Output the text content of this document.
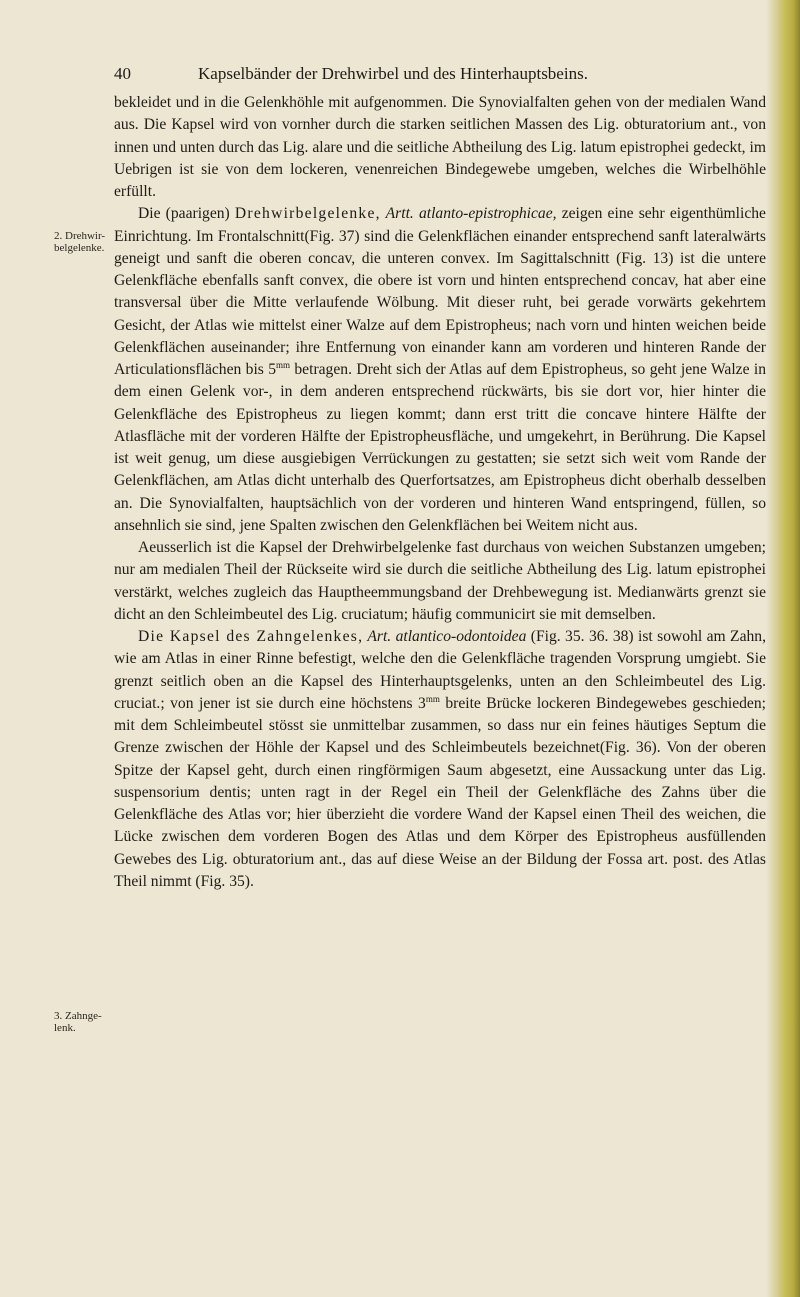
40	Kapselbänder der Drehwirbel und des Hinterhauptsbeins.
2. Drehwir- belgelenke.
3. Zahnge- lenk.

bekleidet und in die Gelenkhöhle mit aufgenommen. Die Synovialfalten gehen von der medialen Wand aus. Die Kapsel wird von vornher durch die starken seitlichen Massen des Lig. obturatorium ant., von innen und unten durch das Lig. alare und die seitliche Abtheilung des Lig. latum epistrophei gedeckt, im Uebrigen ist sie von dem lockeren, venenreichen Bindegewebe umgeben, welches die Wirbelhöhle erfüllt.

Die (paarigen) Drehwirbelgelenke, Artt. atlanto-epistrophicae, zeigen eine sehr eigenthümliche Einrichtung. Im Frontalschnitt(Fig. 37) sind die Gelenkflächen einander entsprechend sanft lateralwärts geneigt und sanft die oberen concav, die unteren convex. Im Sagittalschnitt (Fig. 13) ist die untere Gelenkfläche ebenfalls sanft convex, die obere ist vorn und hinten entsprechend concav, hat aber eine transversal über die Mitte verlaufende Wölbung. Mit dieser ruht, bei gerade vorwärts gekehrtem Gesicht, der Atlas wie mittelst einer Walze auf dem Epistropheus; nach vorn und hinten weichen beide Gelenkflächen auseinander; ihre Entfernung von einander kann am vorderen und hinteren Rande der Articulationsflächen bis $5^{mm}$ betragen. Dreht sich der Atlas auf dem Epistropheus, so geht jene Walze in dem einen Gelenk vor-, in dem anderen entsprechend rückwärts, bis sie dort vor, hier hinter die Gelenkfläche des Epistropheus zu liegen kommt; dann erst tritt die concave hintere Hälfte der Atlasfläche mit der vorderen Hälfte der Epistropheusfläche, und umgekehrt, in Berührung. Die Kapsel ist weit genug, um diese ausgiebigen Verrückungen zu gestatten; sie setzt sich weit vom Rande der Gelenkflächen, am Atlas dicht unterhalb des Querfortsatzes, am Epistropheus dicht oberhalb desselben an. Die Synovialfalten, hauptsächlich von der vorderen und hinteren Wand entspringend, füllen, so ansehnlich sie sind, jene Spalten zwischen den Gelenkflächen bei Weitem nicht aus.

Aeusserlich ist die Kapsel der Drehwirbelgelenke fast durchaus von weichen Substanzen umgeben; nur am medialen Theil der Rückseite wird sie durch die seitliche Abtheilung des Lig. latum epistrophei verstärkt, welches zugleich das Hauptheemmungsband der Drehbewegung ist. Medianwärts grenzt sie dicht an den Schleimbeutel des Lig. cruciatum; häufig communicirt sie mit demselben.

Die Kapsel des Zahngelenkes, Art. atlantico-odontoidea (Fig. 35. 36. 38) ist sowohl am Zahn, wie am Atlas in einer Rinne befestigt, welche den die Gelenkfläche tragenden Vorsprung umgiebt. Sie grenzt seitlich oben an die Kapsel des Hinterhauptsgelenks, unten an den Schleimbeutel des Lig. cruciat.; von jener ist sie durch eine höchstens $3^{mm}$ breite Brücke lockeren Bindegewebes geschieden; mit dem Schleimbeutel stösst sie unmittelbar zusammen, so dass nur ein feines häutiges Septum die Grenze zwischen der Höhle der Kapsel und des Schleimbeutels bezeichnet(Fig. 36). Von der oberen Spitze der Kapsel geht, durch einen ringförmigen Saum abgesetzt, eine Aussackung unter das Lig. suspensorium dentis; unten ragt in der Regel ein Theil der Gelenkfläche des Zahns über die Gelenkfläche des Atlas vor; hier überzieht die vordere Wand der Kapsel einen Theil des weichen, die Lücke zwischen dem vorderen Bogen des Atlas und dem Körper des Epistropheus ausfüllenden Gewebes des Lig. obturatorium ant., das auf diese Weise an der Bildung der Fossa art. post. des Atlas Theil nimmt (Fig. 35).
